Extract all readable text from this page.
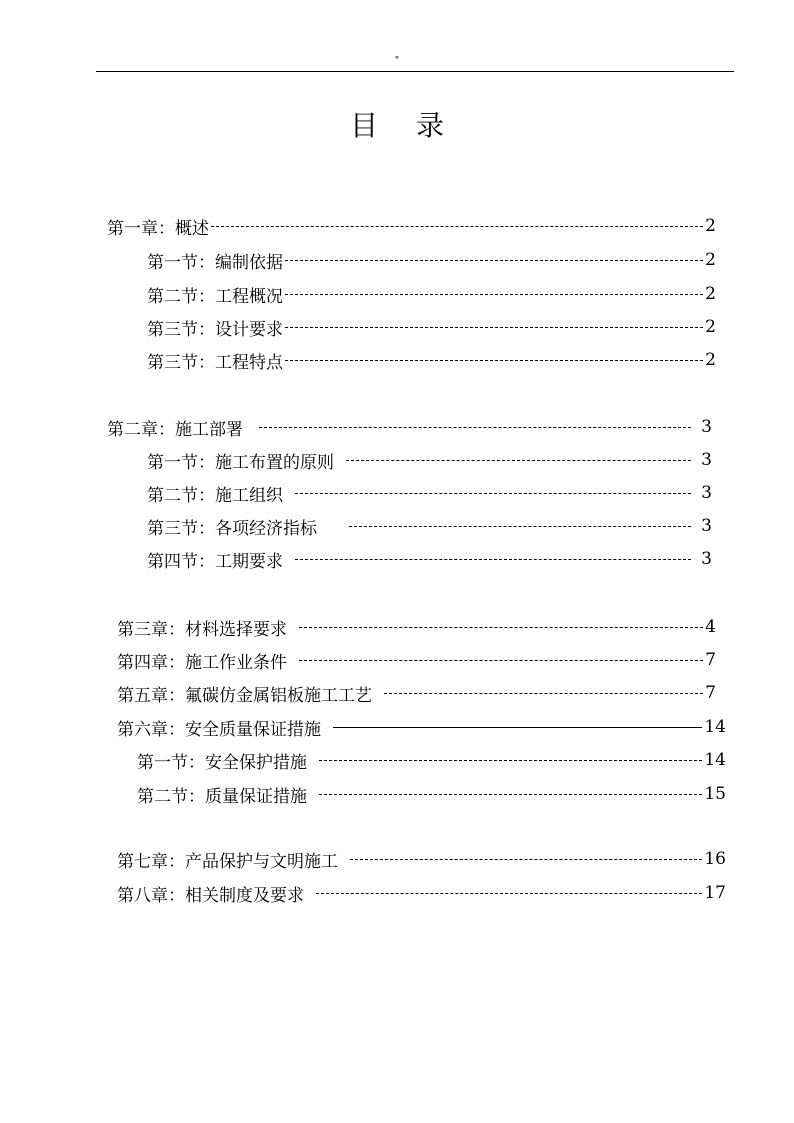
"
目录
第一章：概述	2
第一节：编制依据	2
第二节：工程概况	2
第三节：设计要求	2
第三节：工程特点	2
第二章：施工部署	3
第一节：施工布置的原则	3
第二节：施工组织	3
第三节：各项经济指标	3
第四节：工期要求	3
第三章：材料选择要求	4
第四章：施工作业条件	7
第五章：氟碳仿金属铝板施工工艺	7
第六章：安全质量保证措施	14
第一节：安全保护措施	14
第二节：质量保证措施	15
第七章：产品保护与文明施工	16
第八章：相关制度及要求	17
